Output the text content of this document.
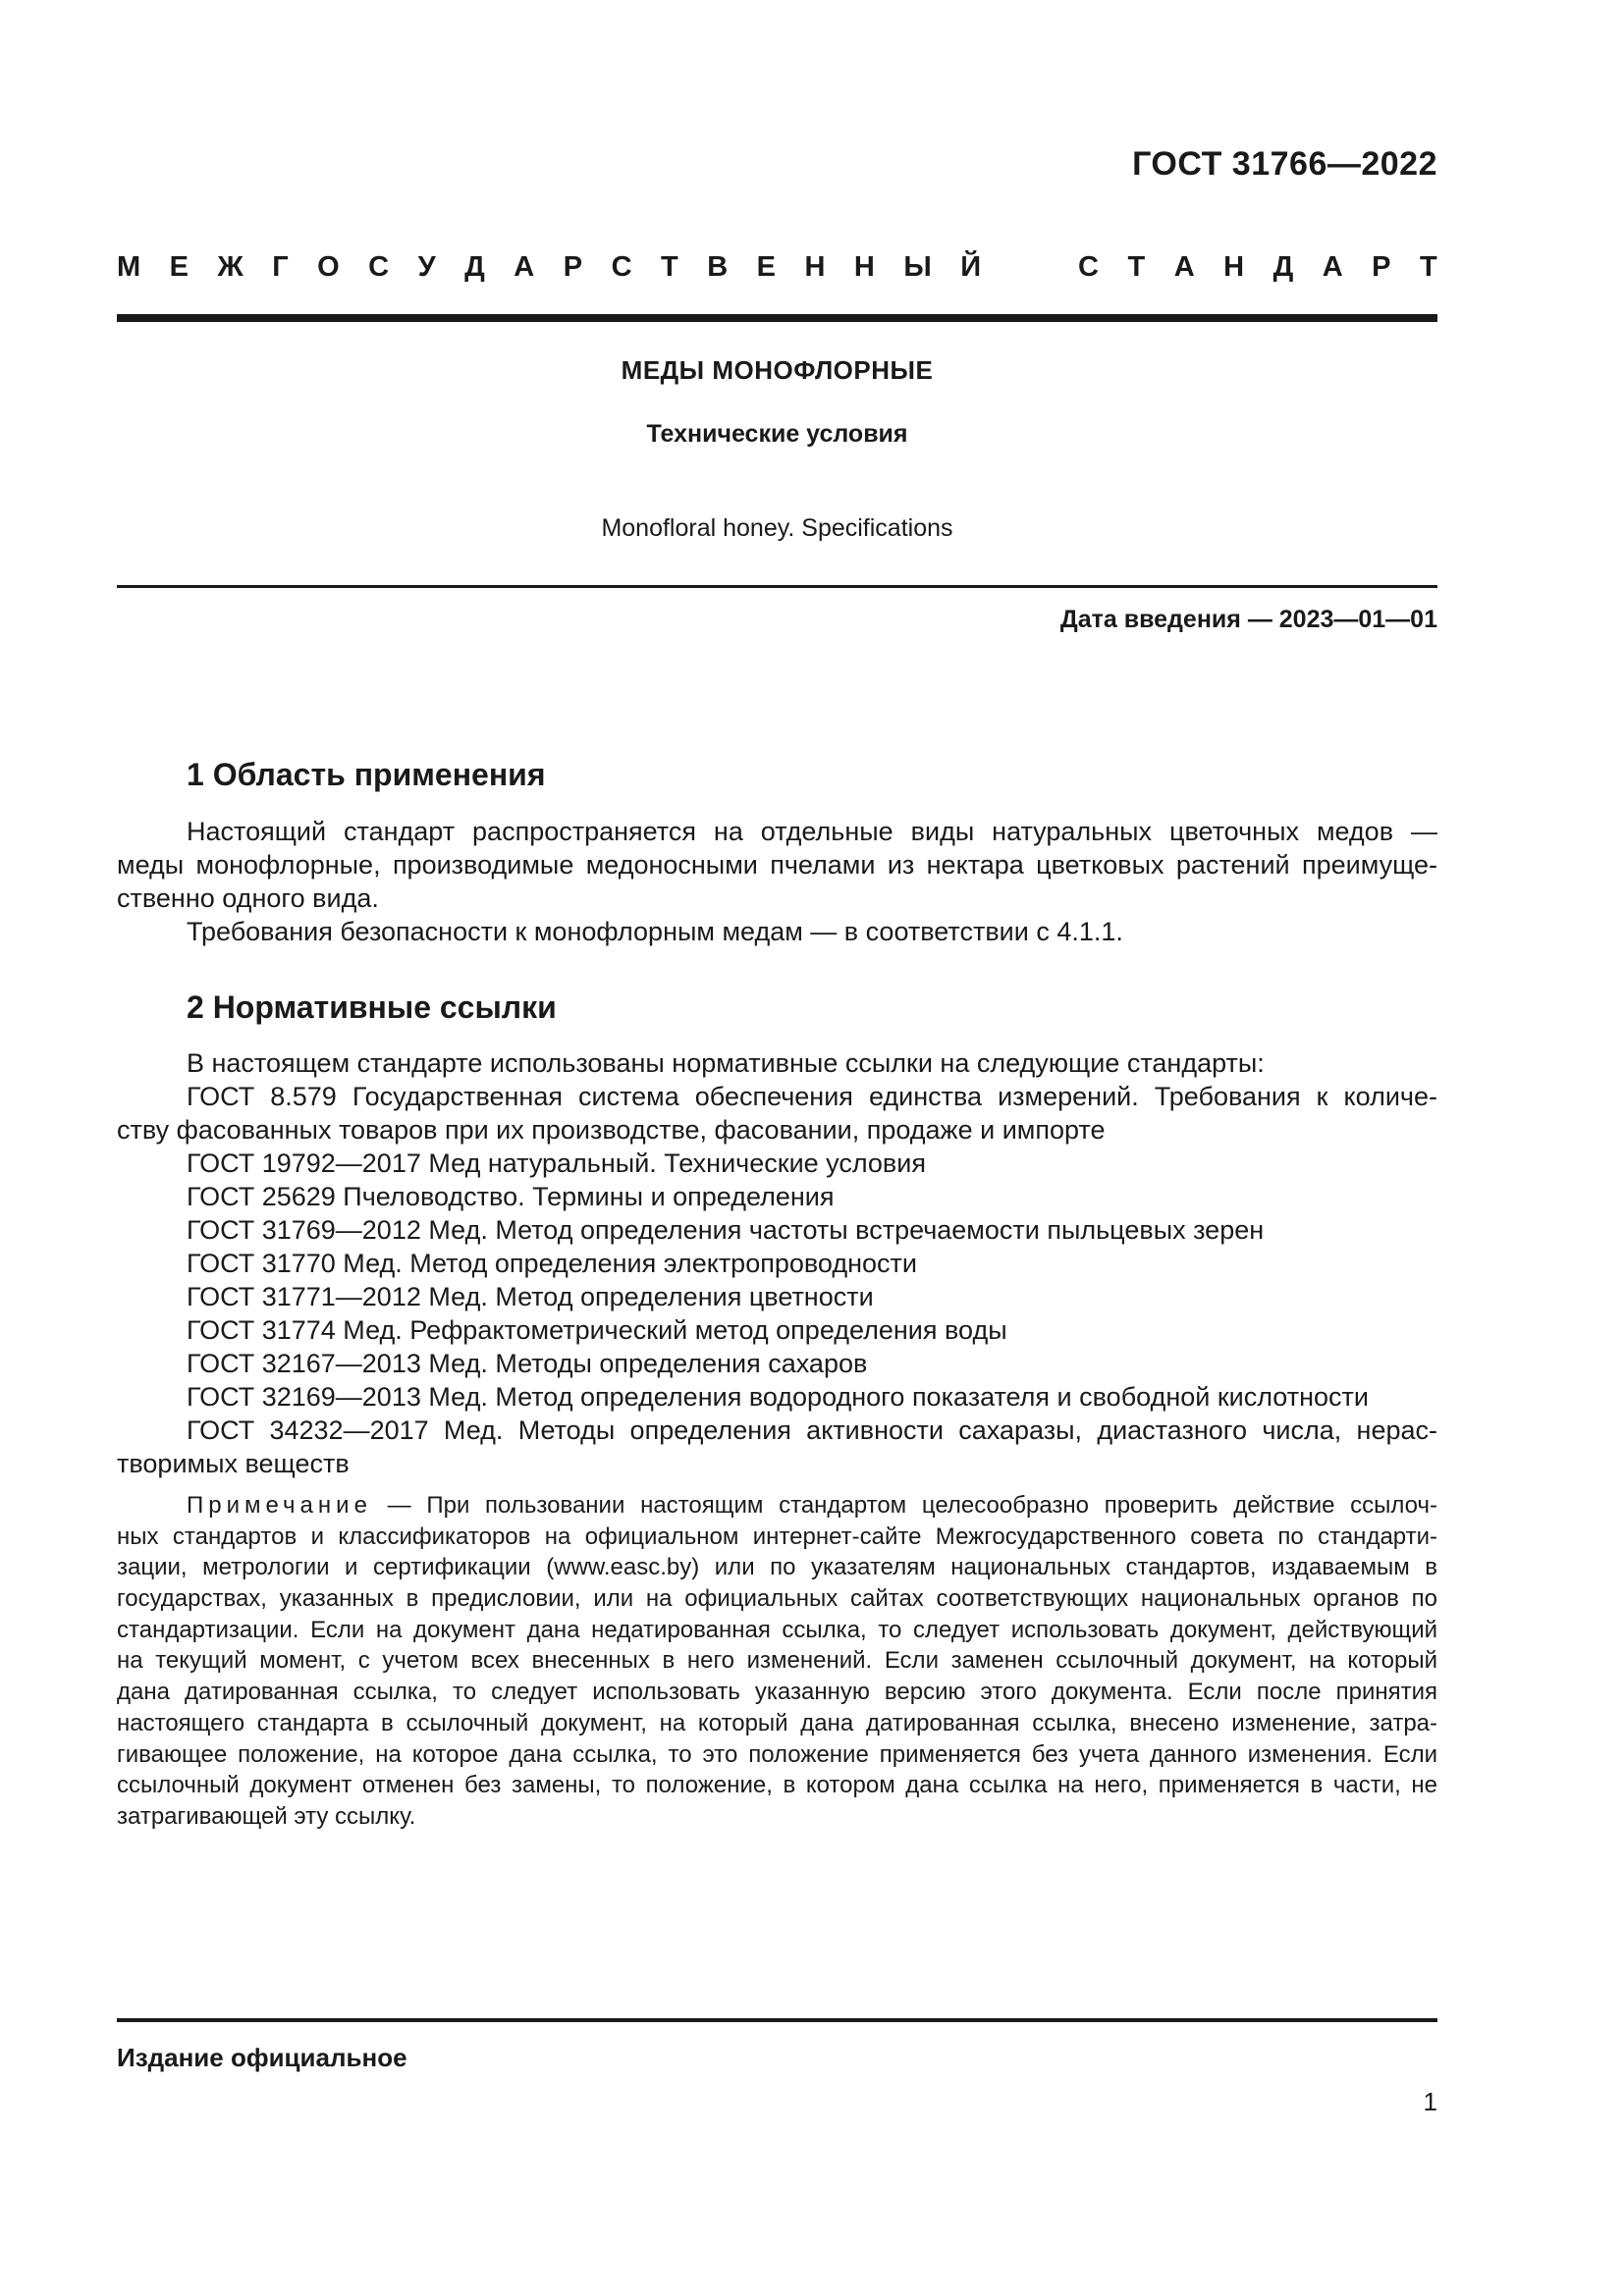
ГОСТ 31766—2022
М Е Ж Г О С У Д А Р С Т В Е Н Н Ы Й	С Т А Н Д А Р Т
МЕДЫ МОНОФЛОРНЫЕ
Технические условия
Monofloral honey. Specifications
Дата введения — 2023—01—01
1 Область применения
Настоящий стандарт распространяется на отдельные виды натуральных цветочных медов —
меды монофлорные, производимые медоносными пчелами из нектара цветковых растений преимуще-
ственно одного вида.
Требования безопасности к монофлорным медам — в соответствии с 4.1.1.
2 Нормативные ссылки
В настоящем стандарте использованы нормативные ссылки на следующие стандарты:
ГОСТ 8.579 Государственная система обеспечения единства измерений. Требования к количе-
ству фасованных товаров при их производстве, фасовании, продаже и импорте
ГОСТ 19792—2017 Мед натуральный. Технические условия
ГОСТ 25629 Пчеловодство. Термины и определения
ГОСТ 31769—2012 Мед. Метод определения частоты встречаемости пыльцевых зерен
ГОСТ 31770 Мед. Метод определения электропроводности
ГОСТ 31771—2012 Мед. Метод определения цветности
ГОСТ 31774 Мед. Рефрактометрический метод определения воды
ГОСТ 32167—2013 Мед. Методы определения сахаров
ГОСТ 32169—2013 Мед. Метод определения водородного показателя и свободной кислотности
ГОСТ 34232—2017 Мед. Методы определения активности сахаразы, диастазного числа, нерас-
творимых веществ
Примечание — При пользовании настоящим стандартом целесообразно проверить действие ссылоч-
ных стандартов и классификаторов на официальном интернет-сайте Межгосударственного совета по стандарти-
зации, метрологии и сертификации (www.easc.by) или по указателям национальных стандартов, издаваемым в
государствах, указанных в предисловии, или на официальных сайтах соответствующих национальных органов по
стандартизации. Если на документ дана недатированная ссылка, то следует использовать документ, действующий
на текущий момент, с учетом всех внесенных в него изменений. Если заменен ссылочный документ, на который
дана датированная ссылка, то следует использовать указанную версию этого документа. Если после принятия
настоящего стандарта в ссылочный документ, на который дана датированная ссылка, внесено изменение, затра-
гивающее положение, на которое дана ссылка, то это положение применяется без учета данного изменения. Если
ссылочный документ отменен без замены, то положение, в котором дана ссылка на него, применяется в части, не
затрагивающей эту ссылку.
Издание официальное
1
